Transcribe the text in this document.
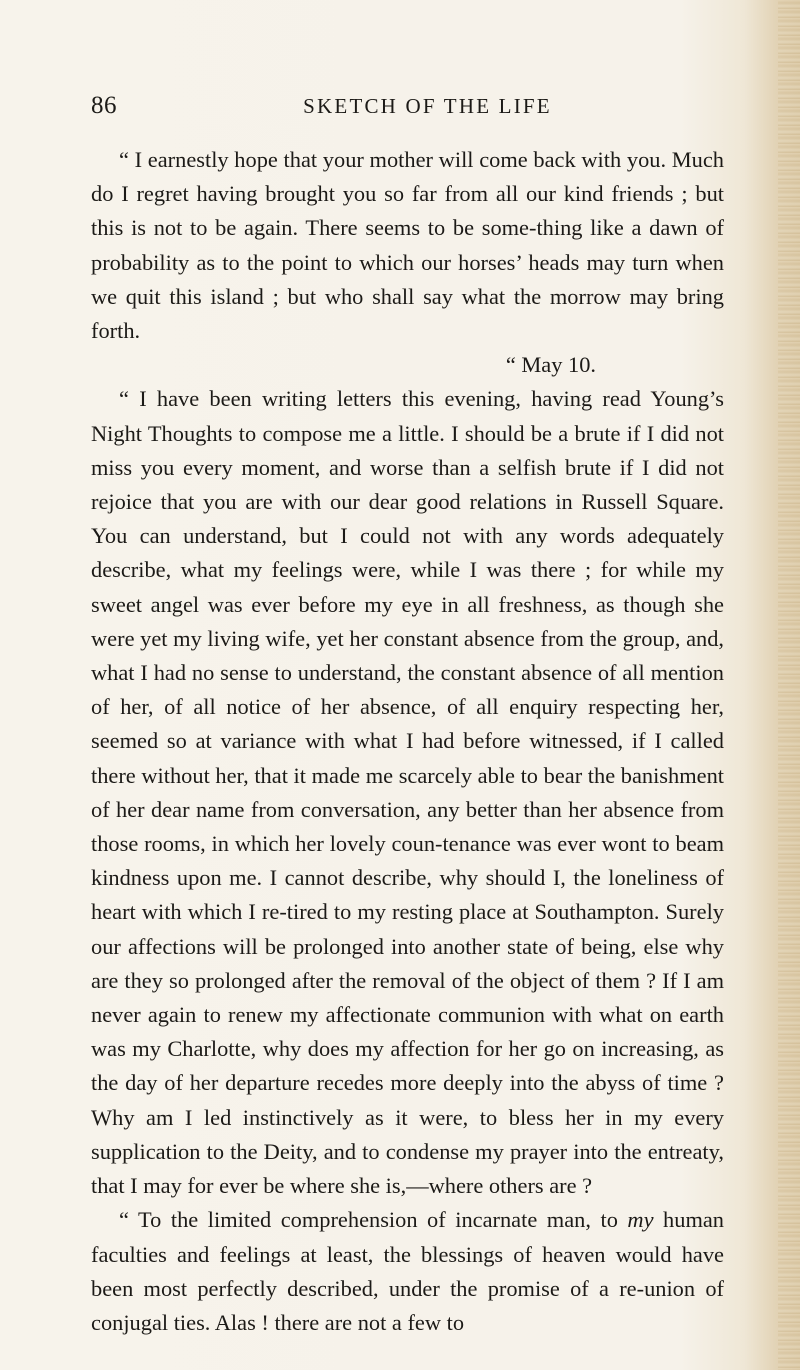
86	SKETCH OF THE LIFE

“ I earnestly hope that your mother will come back with you. Much do I regret having brought you so far from all our kind friends ; but this is not to be again. There seems to be some-thing like a dawn of probability as to the point to which our horses’ heads may turn when we quit this island ; but who shall say what the morrow may bring forth.

“ May 10.

“ I have been writing letters this evening, having read Young’s Night Thoughts to compose me a little. I should be a brute if I did not miss you every moment, and worse than a selfish brute if I did not rejoice that you are with our dear good relations in Russell Square. You can understand, but I could not with any words adequately describe, what my feelings were, while I was there ; for while my sweet angel was ever before my eye in all freshness, as though she were yet my living wife, yet her constant absence from the group, and, what I had no sense to understand, the constant absence of all mention of her, of all notice of her absence, of all enquiry respecting her, seemed so at variance with what I had before witnessed, if I called there without her, that it made me scarcely able to bear the banishment of her dear name from conversation, any better than her absence from those rooms, in which her lovely coun-tenance was ever wont to beam kindness upon me. I cannot describe, why should I, the loneliness of heart with which I re-tired to my resting place at Southampton. Surely our affections will be prolonged into another state of being, else why are they so prolonged after the removal of the object of them ? If I am never again to renew my affectionate communion with what on earth was my Charlotte, why does my affection for her go on increasing, as the day of her departure recedes more deeply into the abyss of time ? Why am I led instinctively as it were, to bless her in my every supplication to the Deity, and to condense my prayer into the entreaty, that I may for ever be where she is,—where others are ?

“ To the limited comprehension of incarnate man, to my human faculties and feelings at least, the blessings of heaven would have been most perfectly described, under the promise of a re-union of conjugal ties. Alas ! there are not a few to
